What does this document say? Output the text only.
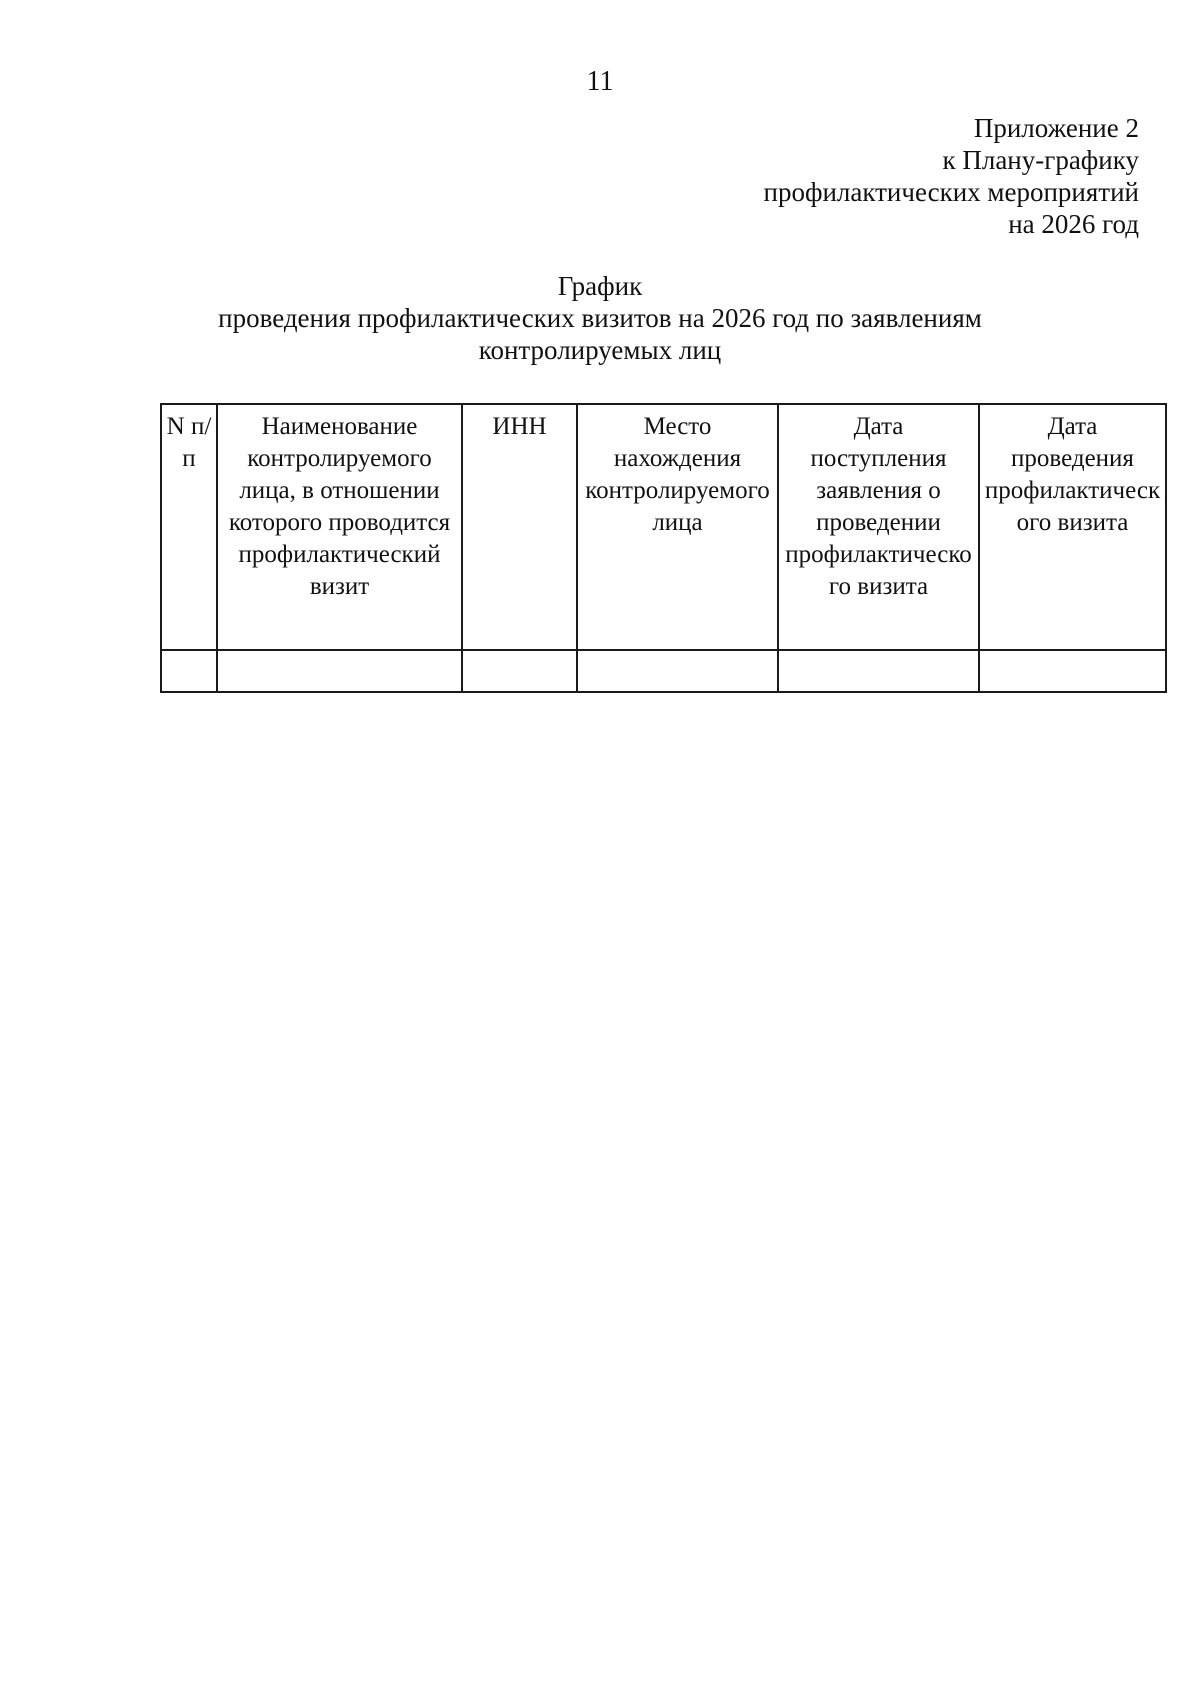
11
Приложение 2
к Плану-графику
профилактических мероприятий
на 2026 год
График
проведения профилактических визитов на 2026 год по заявлениям
контролируемых лиц
N п/п	Наименование контролируемого лица, в отношении которого проводится профилактический визит	ИНН	Место нахождения контролируемого лица	Дата поступления заявления о проведении профилактического визита	Дата проведения профилактического визита
